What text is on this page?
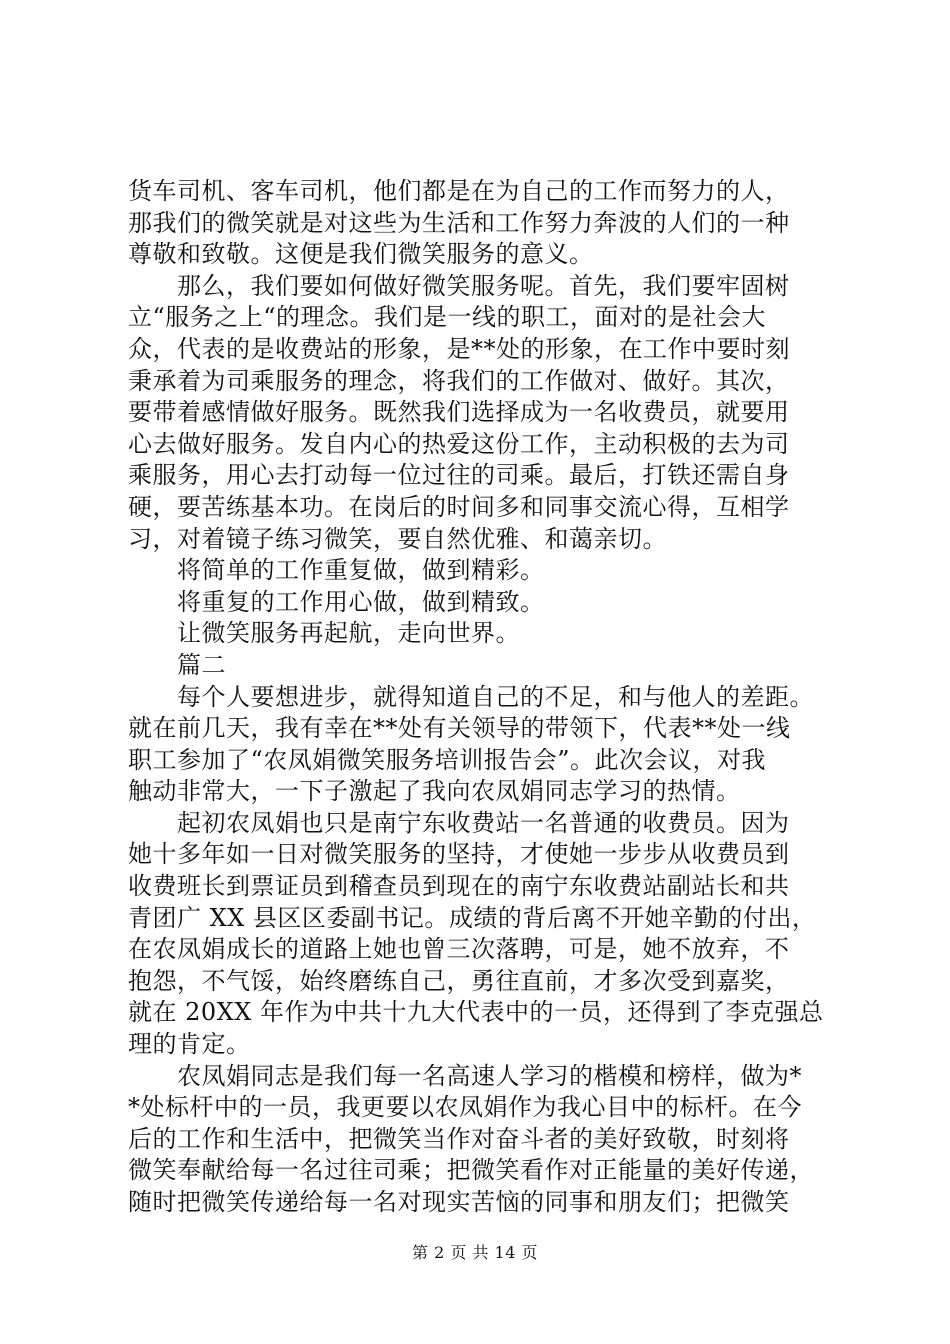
货车司机、客车司机，他们都是在为自己的工作而努力的人，
那我们的微笑就是对这些为生活和工作努力奔波的人们的一种
尊敬和致敬。这便是我们微笑服务的意义。
　　那么，我们要如何做好微笑服务呢。首先，我们要牢固树
立“服务之上“的理念。我们是一线的职工，面对的是社会大
众，代表的是收费站的形象，是**处的形象，在工作中要时刻
秉承着为司乘服务的理念，将我们的工作做对、做好。其次，
要带着感情做好服务。既然我们选择成为一名收费员，就要用
心去做好服务。发自内心的热爱这份工作，主动积极的去为司
乘服务，用心去打动每一位过往的司乘。最后，打铁还需自身
硬，要苦练基本功。在岗后的时间多和同事交流心得，互相学
习，对着镜子练习微笑，要自然优雅、和蔼亲切。
　　将简单的工作重复做，做到精彩。
　　将重复的工作用心做，做到精致。
　　让微笑服务再起航，走向世界。
　　篇二
　　每个人要想进步，就得知道自己的不足，和与他人的差距。
就在前几天，我有幸在**处有关领导的带领下，代表**处一线
职工参加了“农凤娟微笑服务培训报告会”。此次会议，对我
触动非常大，一下子激起了我向农凤娟同志学习的热情。
　　起初农凤娟也只是南宁东收费站一名普通的收费员。因为
她十多年如一日对微笑服务的坚持，才使她一步步从收费员到
收费班长到票证员到稽查员到现在的南宁东收费站副站长和共
青团广 XX 县区区委副书记。成绩的背后离不开她辛勤的付出，
在农凤娟成长的道路上她也曾三次落聘，可是，她不放弃，不
抱怨，不气馁，始终磨练自己，勇往直前，才多次受到嘉奖，
就在 20XX 年作为中共十九大代表中的一员，还得到了李克强总
理的肯定。
　　农凤娟同志是我们每一名高速人学习的楷模和榜样，做为*
*处标杆中的一员，我更要以农凤娟作为我心目中的标杆。在今
后的工作和生活中，把微笑当作对奋斗者的美好致敬，时刻将
微笑奉献给每一名过往司乘；把微笑看作对正能量的美好传递，
随时把微笑传递给每一名对现实苦恼的同事和朋友们；把微笑
第 2 页 共 14 页
